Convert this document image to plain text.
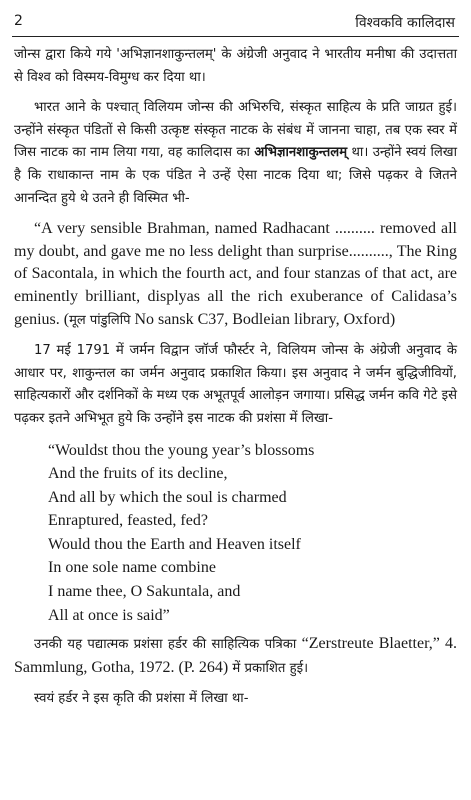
2	विश्वकवि कालिदास

जोन्स द्वारा किये गये 'अभिज्ञानशाकुन्तलम्' के अंग्रेजी अनुवाद ने भारतीय मनीषा की उदात्तता से विश्व को विस्मय-विमुग्ध कर दिया था।

भारत आने के पश्चात् विलियम जोन्स की अभिरुचि, संस्कृत साहित्य के प्रति जाग्रत हुई। उन्होंने संस्कृत पंडितों से किसी उत्कृष्ट संस्कृत नाटक के संबंध में जानना चाहा, तब एक स्वर में जिस नाटक का नाम लिया गया, वह कालिदास का अभिज्ञानशाकुन्तलम् था। उन्होंने स्वयं लिखा है कि राधाकान्त नाम के एक पंडित ने उन्हें ऐसा नाटक दिया था; जिसे पढ़कर वे जितने आनन्दित हुये थे उतने ही विस्मित भी-

“A very sensible Brahman, named Radhacant .......... removed all my doubt, and gave me no less delight than surprise.........., The Ring of Sacontala, in which the fourth act, and four stanzas of that act, are eminently brilliant, displyas all the rich exuberance of Calidasa’s genius. (मूल पांडुलिपि No sansk C37, Bodleian library, Oxford)

17 मई 1791 में जर्मन विद्वान जॉर्ज फौर्स्टर ने, विलियम जोन्स के अंग्रेजी अनुवाद के आधार पर, शाकुन्तल का जर्मन अनुवाद प्रकाशित किया। इस अनुवाद ने जर्मन बुद्धिजीवियों, साहित्यकारों और दर्शनिकों के मध्य एक अभूतपूर्व आलोड़न जगाया। प्रसिद्ध जर्मन कवि गेटे इसे पढ़कर इतने अभिभूत हुये कि उन्होंने इस नाटक की प्रशंसा में लिखा-

“Wouldst thou the young year’s blossoms
And the fruits of its decline,
And all by which the soul is charmed
Enraptured, feasted, fed?
Would thou the Earth and Heaven itself
In one sole name combine
I name thee, O Sakuntala, and
All at once is said”

उनकी यह पद्यात्मक प्रशंसा हर्डर की साहित्यिक पत्रिका “Zerstreute Blaetter,” 4. Sammlung, Gotha, 1972. (P. 264) में प्रकाशित हुई।

स्वयं हर्डर ने इस कृति की प्रशंसा में लिखा था-
